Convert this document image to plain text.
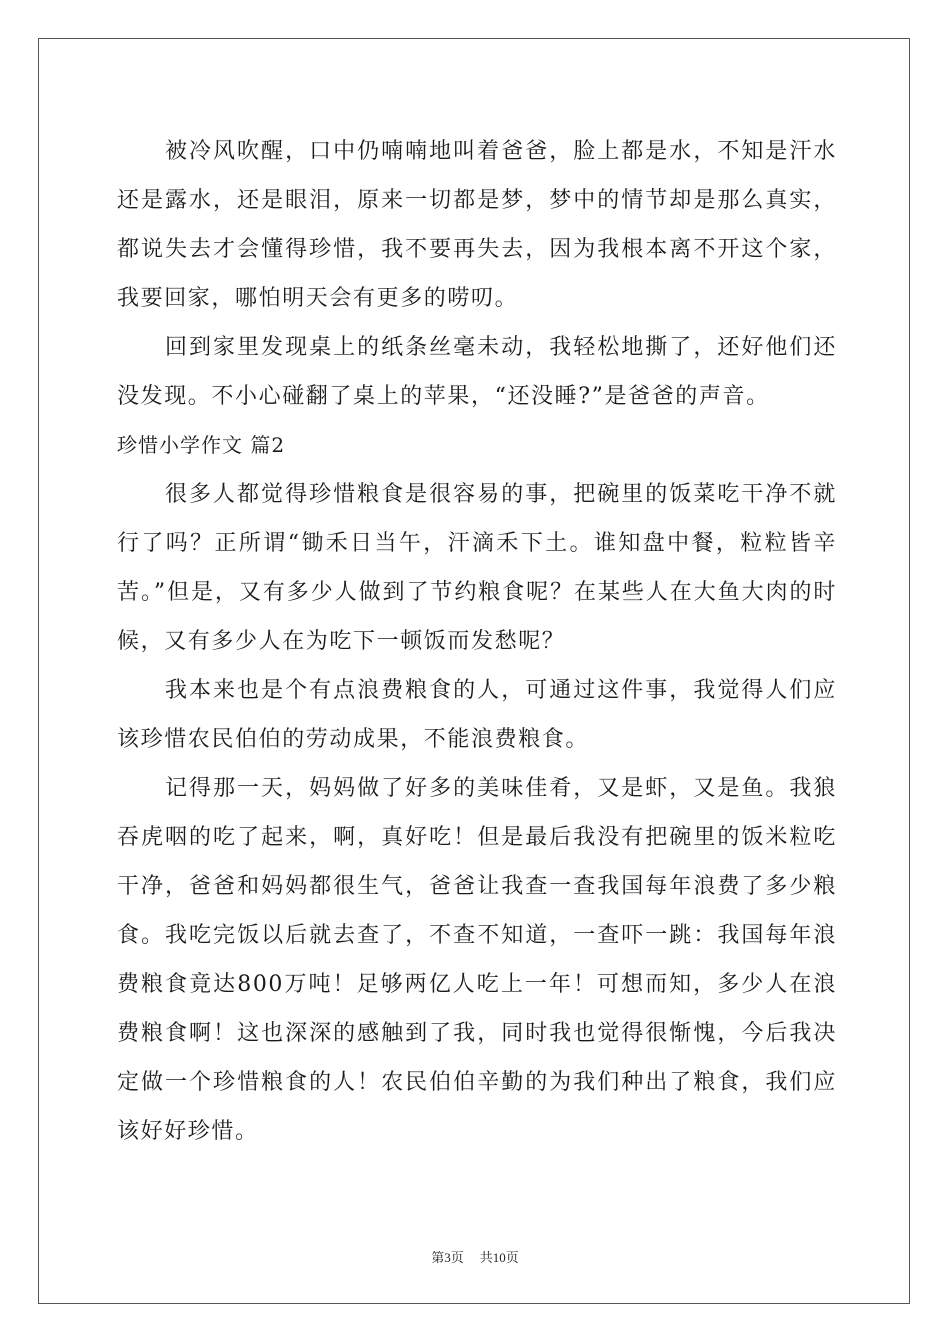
被冷风吹醒，口中仍喃喃地叫着爸爸，脸上都是水，不知是汗水还是露水，还是眼泪，原来一切都是梦，梦中的情节却是那么真实，都说失去才会懂得珍惜，我不要再失去，因为我根本离不开这个家，我要回家，哪怕明天会有更多的唠叨。

回到家里发现桌上的纸条丝毫未动，我轻松地撕了，还好他们还没发现。不小心碰翻了桌上的苹果，“还没睡?”是爸爸的声音。

珍惜小学作文 篇2

很多人都觉得珍惜粮食是很容易的事，把碗里的饭菜吃干净不就行了吗？正所谓“锄禾日当午，汗滴禾下土。谁知盘中餐，粒粒皆辛苦。”但是，又有多少人做到了节约粮食呢？在某些人在大鱼大肉的时候，又有多少人在为吃下一顿饭而发愁呢？

我本来也是个有点浪费粮食的人，可通过这件事，我觉得人们应该珍惜农民伯伯的劳动成果，不能浪费粮食。

记得那一天，妈妈做了好多的美味佳肴，又是虾，又是鱼。我狼吞虎咽的吃了起来，啊，真好吃！但是最后我没有把碗里的饭米粒吃干净，爸爸和妈妈都很生气，爸爸让我查一查我国每年浪费了多少粮食。我吃完饭以后就去查了，不查不知道，一查吓一跳：我国每年浪费粮食竟达800万吨！足够两亿人吃上一年！可想而知，多少人在浪费粮食啊！这也深深的感触到了我，同时我也觉得很惭愧，今后我决定做一个珍惜粮食的人！农民伯伯辛勤的为我们种出了粮食，我们应该好好珍惜。

第3页 共10页
